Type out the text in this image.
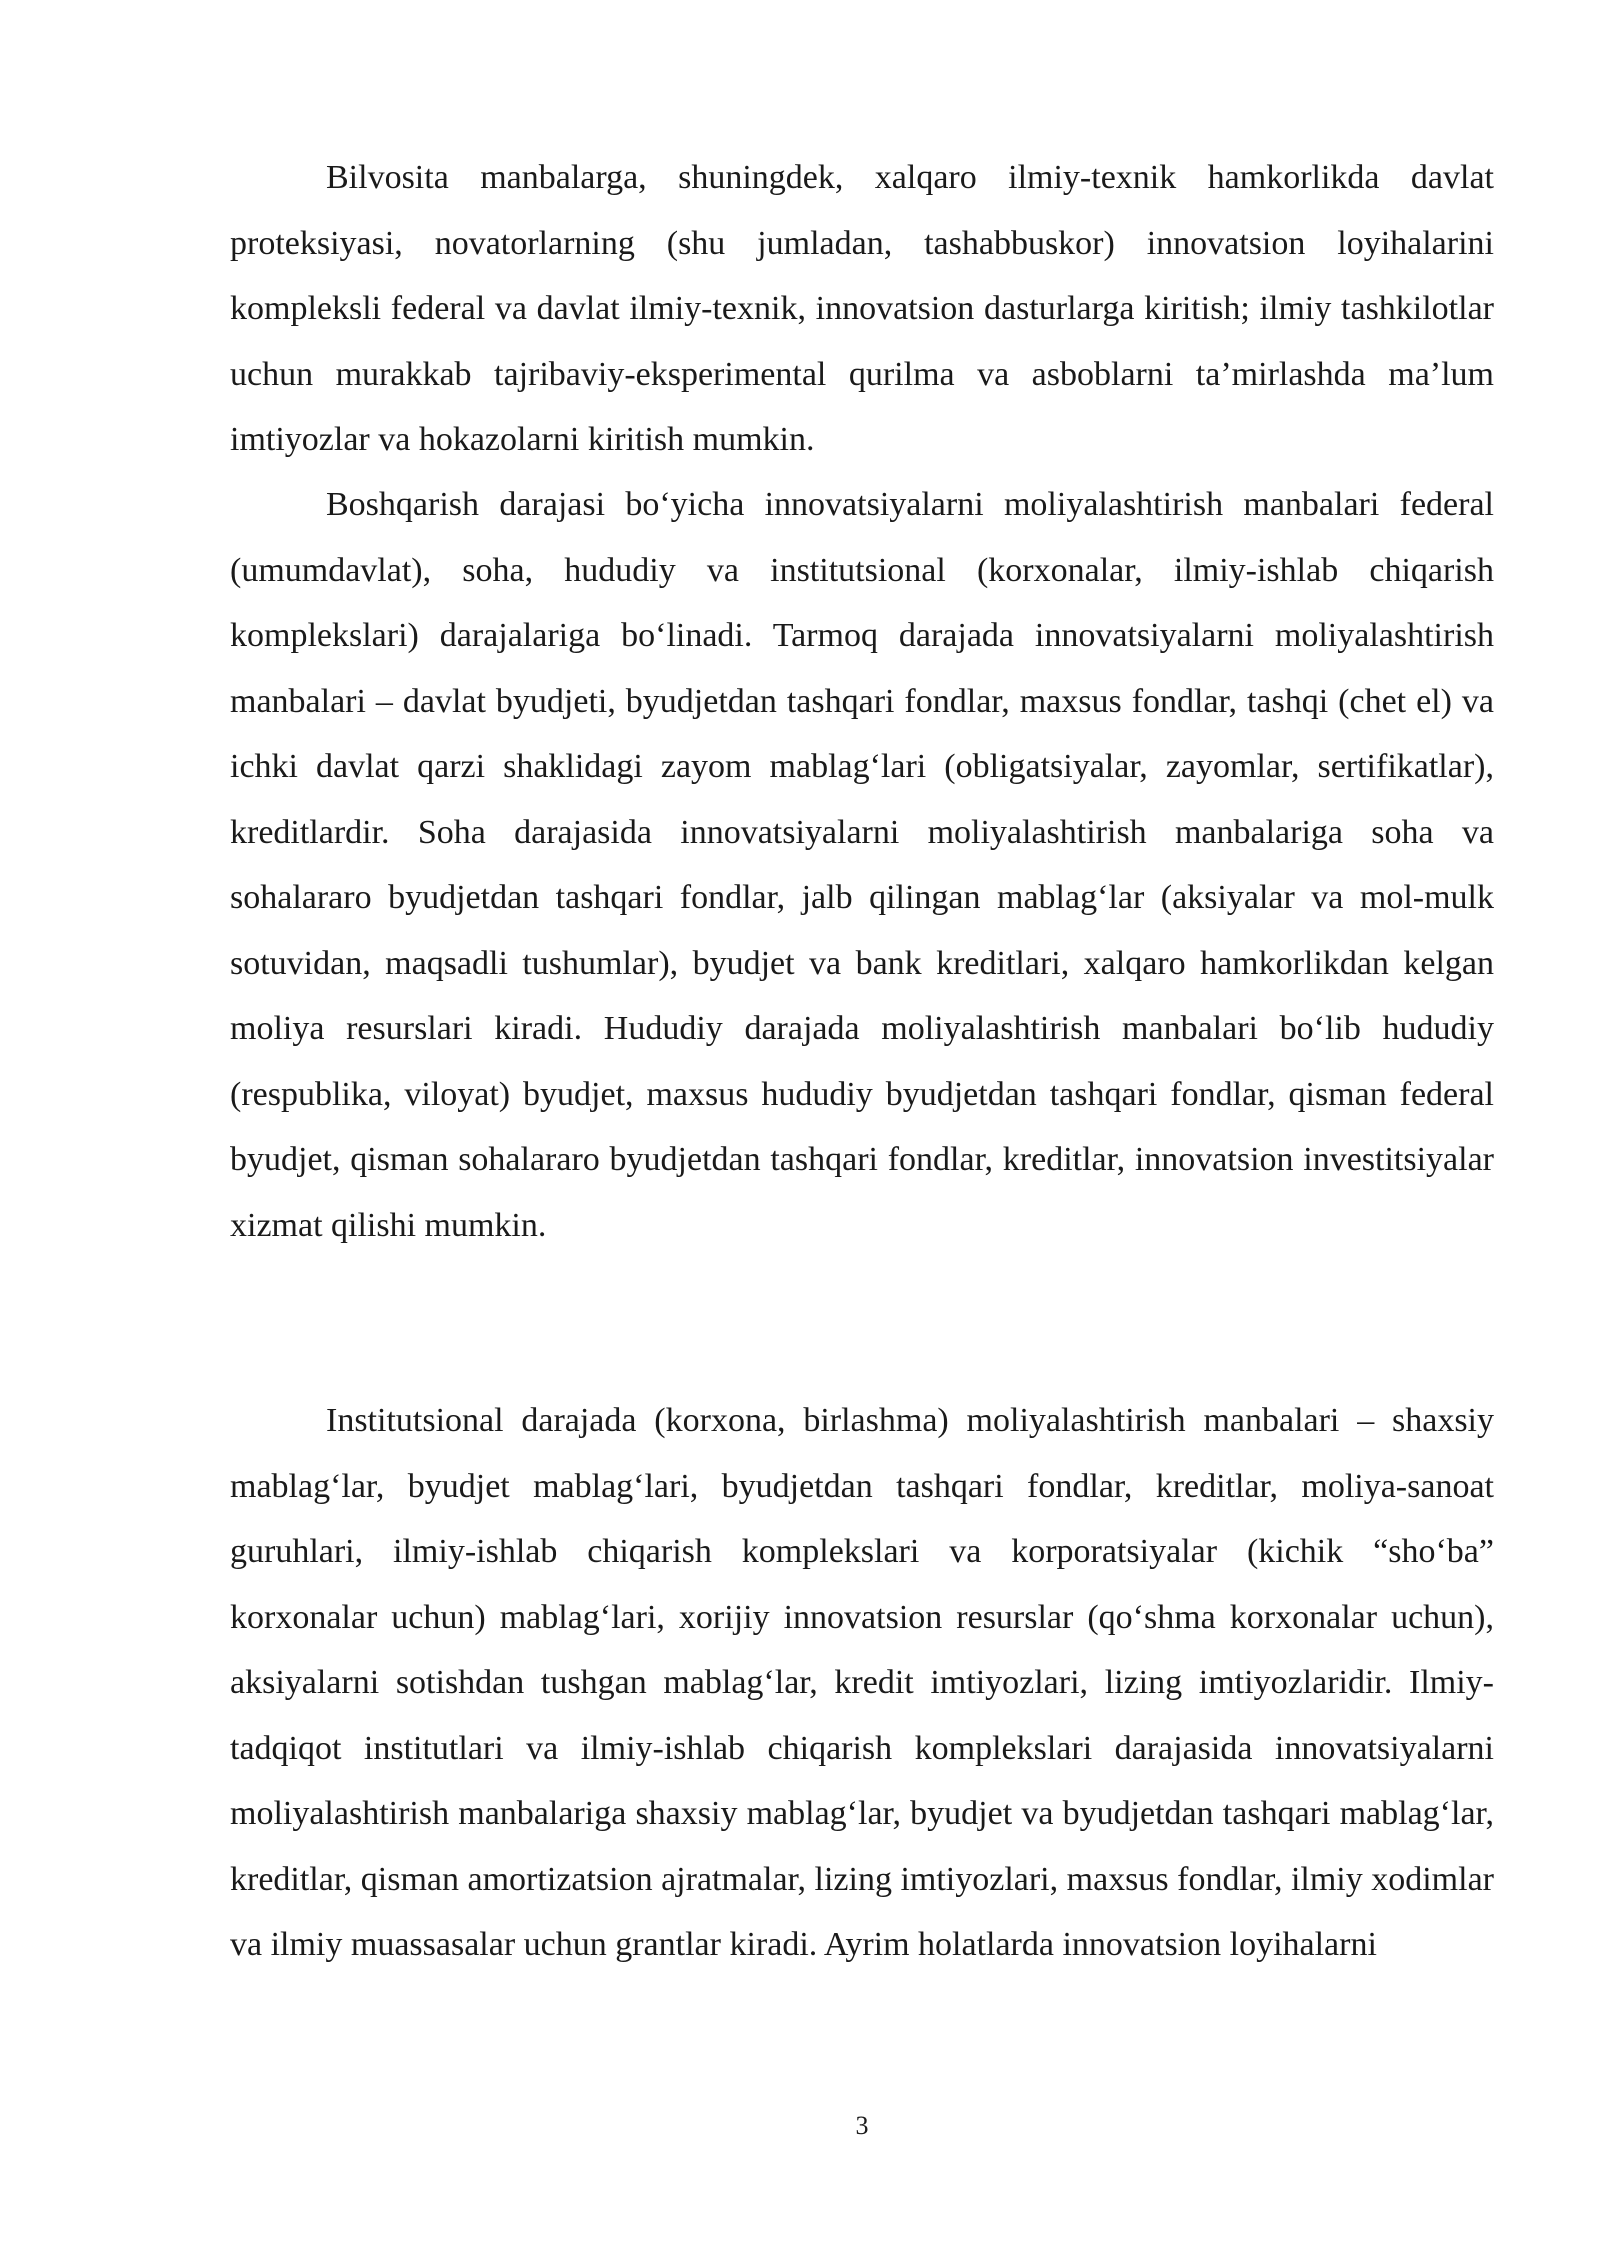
Bilvosita manbalarga, shuningdek, xalqaro ilmiy-texnik hamkorlikda davlat proteksiyasi, novatorlarning (shu jumladan, tashabbuskor) innovatsion loyihalarini kompleksli federal va davlat ilmiy-texnik, innovatsion dasturlarga kiritish; ilmiy tashkilotlar uchun murakkab tajribaviy-eksperimental qurilma va asboblarni ta’mirlashda ma’lum imtiyozlar va hokazolarni kiritish mumkin.

Boshqarish darajasi bo‘yicha innovatsiyalarni moliyalashtirish manbalari federal (umumdavlat), soha, hududiy va institutsional (korxonalar, ilmiy-ishlab chiqarish komplekslari) darajalariga bo‘linadi. Tarmoq darajada innovatsiyalarni moliyalashtirish manbalari – davlat byudjeti, byudjetdan tashqari fondlar, maxsus fondlar, tashqi (chet el) va ichki davlat qarzi shaklidagi zayom mablag‘lari (obligatsiyalar, zayomlar, sertifikatlar), kreditlardir. Soha darajasida innovatsiyalarni moliyalashtirish manbalariga soha va sohalararo byudjetdan tashqari fondlar, jalb qilingan mablag‘lar (aksiyalar va mol-mulk sotuvidan, maqsadli tushumlar), byudjet va bank kreditlari, xalqaro hamkorlikdan kelgan moliya resurslari kiradi. Hududiy darajada moliyalashtirish manbalari bo‘lib hududiy (respublika, viloyat) byudjet, maxsus hududiy byudjetdan tashqari fondlar, qisman federal byudjet, qisman sohalararo byudjetdan tashqari fondlar, kreditlar, innovatsion investitsiyalar xizmat qilishi mumkin.

Institutsional darajada (korxona, birlashma) moliyalashtirish manbalari – shaxsiy mablag‘lar, byudjet mablag‘lari, byudjetdan tashqari fondlar, kreditlar, moliya-sanoat guruhlari, ilmiy-ishlab chiqarish komplekslari va korporatsiyalar (kichik “sho‘ba” korxonalar uchun) mablag‘lari, xorijiy innovatsion resurslar (qo‘shma korxonalar uchun), aksiyalarni sotishdan tushgan mablag‘lar, kredit imtiyozlari, lizing imtiyozlaridir. Ilmiy-tadqiqot institutlari va ilmiy-ishlab chiqarish komplekslari darajasida innovatsiyalarni moliyalashtirish manbalariga shaxsiy mablag‘lar, byudjet va byudjetdan tashqari mablag‘lar, kreditlar, qisman amortizatsion ajratmalar, lizing imtiyozlari, maxsus fondlar, ilmiy xodimlar va ilmiy muassasalar uchun grantlar kiradi. Ayrim holatlarda innovatsion loyihalarni

3
